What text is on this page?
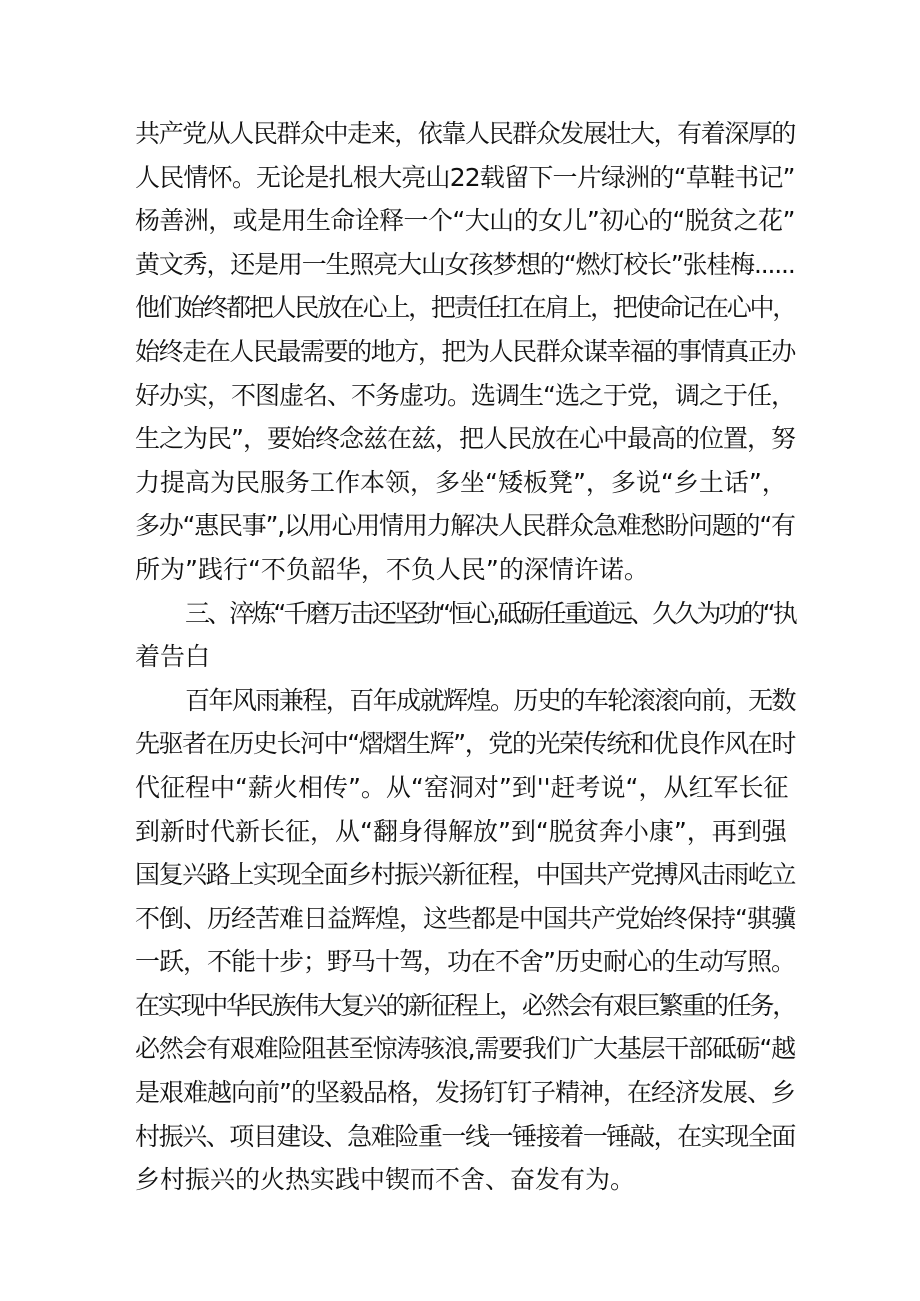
共产党从人民群众中走来，依靠人民群众发展壮大，有着深厚的
人民情怀。无论是扎根大亮山22载留下一片绿洲的“草鞋书记”
杨善洲，或是用生命诠释一个“大山的女儿”初心的“脱贫之花”
黄文秀，还是用一生照亮大山女孩梦想的“燃灯校长”张桂梅......
他们始终都把人民放在心上，把责任扛在肩上，把使命记在心中，
始终走在人民最需要的地方，把为人民群众谋幸福的事情真正办
好办实，不图虚名、不务虚功。选调生“选之于党，调之于任，
生之为民”，要始终念兹在兹，把人民放在心中最高的位置，努
力提高为民服务工作本领，多坐“矮板凳”，多说“乡土话”，
多办“惠民事”,以用心用情用力解决人民群众急难愁盼问题的“有
所为”践行“不负韶华，不负人民”的深情许诺。
三、淬炼“千磨万击还坚劲“恒心,砥砺任重道远、久久为功的“执
着告白
百年风雨兼程，百年成就辉煌。历史的车轮滚滚向前，无数
先驱者在历史长河中“熠熠生辉”，党的光荣传统和优良作风在时
代征程中“薪火相传”。从“窑洞对”到''赶考说“，从红军长征
到新时代新长征，从“翻身得解放”到“脱贫奔小康”，再到强
国复兴路上实现全面乡村振兴新征程，中国共产党搏风击雨屹立
不倒、历经苦难日益辉煌，这些都是中国共产党始终保持“骐骥
一跃，不能十步；野马十驾，功在不舍”历史耐心的生动写照。
在实现中华民族伟大复兴的新征程上，必然会有艰巨繁重的任务，
必然会有艰难险阻甚至惊涛骇浪,需要我们广大基层干部砥砺“越
是艰难越向前”的坚毅品格，发扬钉钉子精神，在经济发展、乡
村振兴、项目建设、急难险重一线一锤接着一锤敲，在实现全面
乡村振兴的火热实践中锲而不舍、奋发有为。
